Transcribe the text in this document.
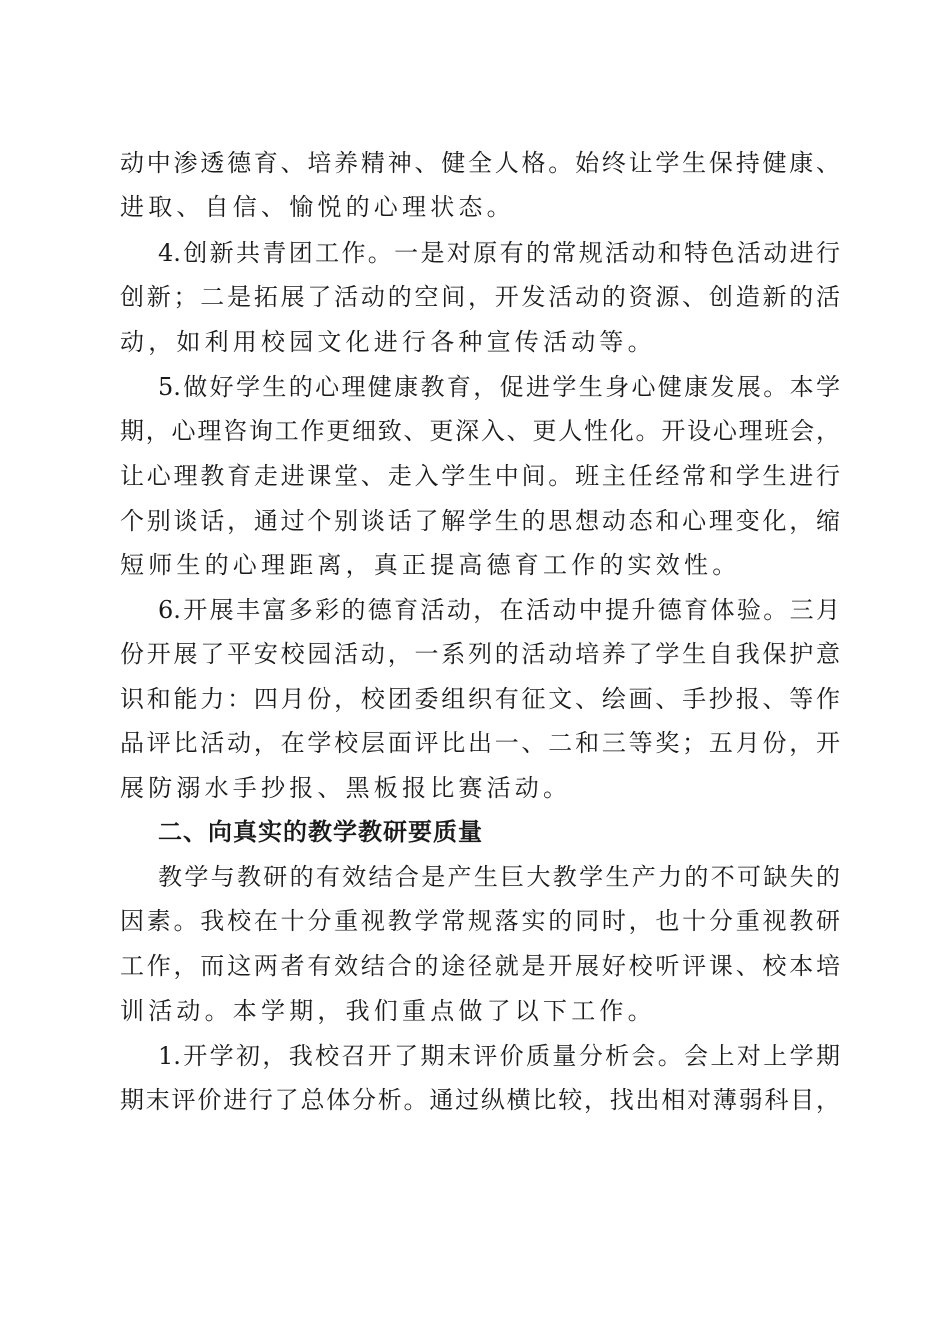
动中渗透德育、培养精神、健全人格。始终让学生保持健康、
进取、自信、愉悦的心理状态。
4.创新共青团工作。一是对原有的常规活动和特色活动进行
创新；二是拓展了活动的空间，开发活动的资源、创造新的活
动，如利用校园文化进行各种宣传活动等。
5.做好学生的心理健康教育，促进学生身心健康发展。本学
期，心理咨询工作更细致、更深入、更人性化。开设心理班会，
让心理教育走进课堂、走入学生中间。班主任经常和学生进行
个别谈话，通过个别谈话了解学生的思想动态和心理变化，缩
短师生的心理距离，真正提高德育工作的实效性。
6.开展丰富多彩的德育活动，在活动中提升德育体验。三月
份开展了平安校园活动，一系列的活动培养了学生自我保护意
识和能力：四月份，校团委组织有征文、绘画、手抄报、等作
品评比活动，在学校层面评比出一、二和三等奖；五月份，开
展防溺水手抄报、黑板报比赛活动。
二、向真实的教学教研要质量
教学与教研的有效结合是产生巨大教学生产力的不可缺失的
因素。我校在十分重视教学常规落实的同时，也十分重视教研
工作，而这两者有效结合的途径就是开展好校听评课、校本培
训活动。本学期，我们重点做了以下工作。
1.开学初，我校召开了期末评价质量分析会。会上对上学期
期末评价进行了总体分析。通过纵横比较，找出相对薄弱科目，
